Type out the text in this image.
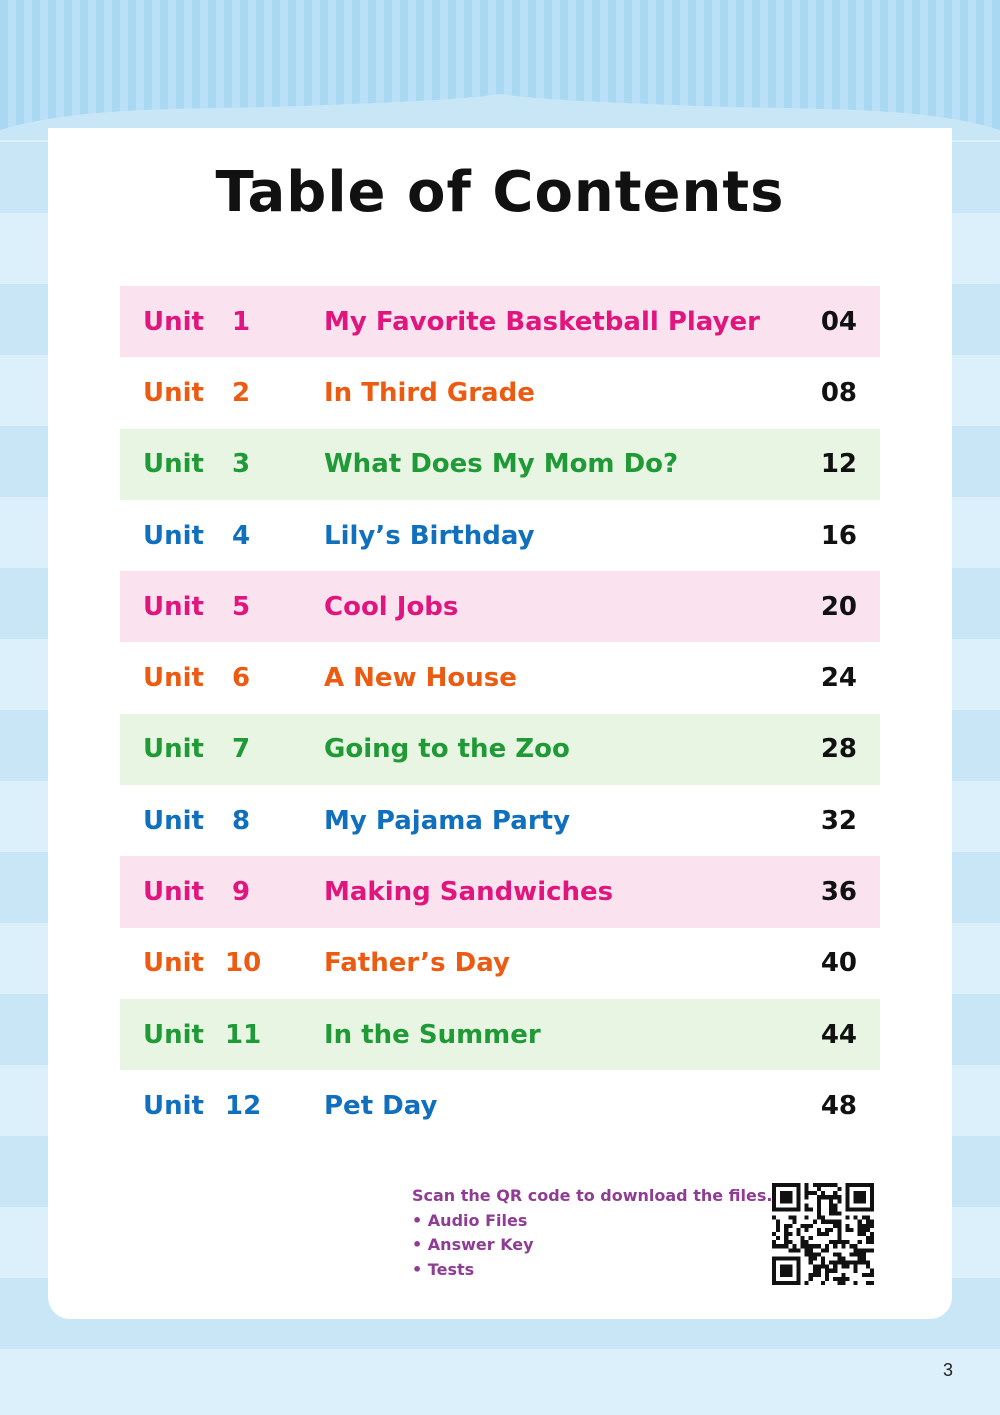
Table of Contents
Unit 1	My Favorite Basketball Player 04
Unit 2	In Third Grade	08
Unit 3	What Does My Mom Do?	12
Unit 4	Lily’s Birthday	16
Unit 5	Cool Jobs	20
Unit 6	A New House	24
Unit 7	Going to the Zoo	28
Unit 8	My Pajama Party	32
Unit 9	Making Sandwiches	36
Unit 10 Father’s Day	40
Unit 11 In the Summer	44
Unit 12 Pet Day	48
Scan the QR code to download the files.
• Audio Files
• Answer Key
• Tests
3
